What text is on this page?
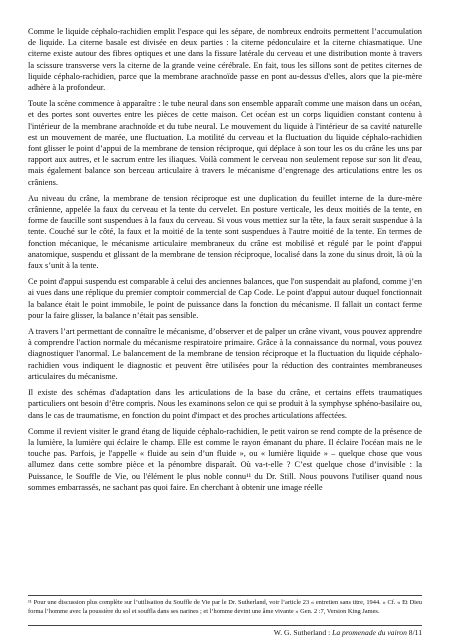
Comme le liquide céphalo-rachidien emplit l'espace qui les sépare, de nombreux endroits permettent l’accumulation de liquide. La citerne basale est divisée en deux parties : la citerne pédonculaire et la citerne chiasmatique. Une citerne existe autour des fibres optiques et une dans la fissure latérale du cerveau et une distribution monte à travers la scissure transverse vers la citerne de la grande veine cérébrale. En fait, tous les sillons sont de petites citernes de liquide céphalo-rachidien, parce que la membrane arachnoïde passe en pont au-dessus d'elles, alors que la pie-mère adhère à la profondeur.

Toute la scène commence à apparaître : le tube neural dans son ensemble apparaît comme une maison dans un océan, et des portes sont ouvertes entre les pièces de cette maison. Cet océan est un corps liquidien constant contenu à l'intérieur de la membrane arachnoïde et du tube neural. Le mouvement du liquide à l'intérieur de sa cavité naturelle est un mouvement de marée, une fluctuation. La motilité du cerveau et la fluctuation du liquide céphalo-rachidien font glisser le point d’appui de la membrane de tension réciproque, qui déplace à son tour les os du crâne les uns par rapport aux autres, et le sacrum entre les iliaques. Voilà comment le cerveau non seulement repose sur son lit d'eau, mais également balance son berceau articulaire à travers le mécanisme d’engrenage des articulations entre les os crâniens.

Au niveau du crâne, la membrane de tension réciproque est une duplication du feuillet interne de la dure-mère crânienne, appelée la faux du cerveau et la tente du cervelet. En posture verticale, les deux moitiés de la tente, en forme de faucille sont suspendues à la faux du cerveau. Si vous vous mettiez sur la tête, la faux serait suspendue à la tente. Couché sur le côté, la faux et la moitié de la tente sont suspendues à l'autre moitié de la tente. En termes de fonction mécanique, le mécanisme articulaire membraneux du crâne est mobilisé et régulé par le point d'appui anatomique, suspendu et glissant de la membrane de tension réciproque, localisé dans la zone du sinus droit, là où la faux s’unit à la tente.

Ce point d'appui suspendu est comparable à celui des anciennes balances, que l'on suspendait au plafond, comme j’en ai vues dans une réplique du premier comptoir commercial de Cap Code. Le point d'appui autour duquel fonctionnait la balance était le point immobile, le point de puissance dans la fonction du mécanisme. Il fallait un contact ferme pour la faire glisser, la balance n’était pas sensible.

A travers l’art permettant de connaître le mécanisme, d’observer et de palper un crâne vivant, vous pouvez apprendre à comprendre l'action normale du mécanisme respiratoire primaire. Grâce à la connaissance du normal, vous pouvez diagnostiquer l'anormal. Le balancement de la membrane de tension réciproque et la fluctuation du liquide céphalo-rachidien vous indiquent le diagnostic et peuvent être utilisées pour la réduction des contraintes membraneuses articulaires du mécanisme.

Il existe des schémas d'adaptation dans les articulations de la base du crâne, et certains effets traumatiques particuliers ont besoin d’être compris. Nous les examinons selon ce qui se produit à la symphyse sphéno-basilaire ou, dans le cas de traumatisme, en fonction du point d'impact et des proches articulations affectées.

Comme il revient visiter le grand étang de liquide céphalo-rachidien, le petit vairon se rend compte de la présence de la lumière, la lumière qui éclaire le champ. Elle est comme le rayon émanant du phare. Il éclaire l'océan mais ne le touche pas. Parfois, je l'appelle « fluide au sein d’un fluide », ou « lumière liquide » – quelque chose que vous allumez dans cette sombre pièce et la pénombre disparaît. Où va-t-elle ? C’est quelque chose d’invisible : la Puissance, le Souffle de Vie, ou l'élément le plus noble connu¹¹ du Dr. Still. Nous pouvons l'utiliser quand nous sommes embarrassés, ne sachant pas quoi faire. En cherchant à obtenir une image réelle

¹¹ Pour une discussion plus complète sur l’utilisation du Souffle de Vie par le Dr. Sutherland, voir l’article 23 « entretien sans titre, 1944. » Cf. « Et Dieu forma l’homme avec la poussière du sol et souffla dans ses narines ; et l’homme devint une âme vivante » Gen. 2 :7, Version King James.
W. G. Sutherland : La promenade du vairon 8/11
